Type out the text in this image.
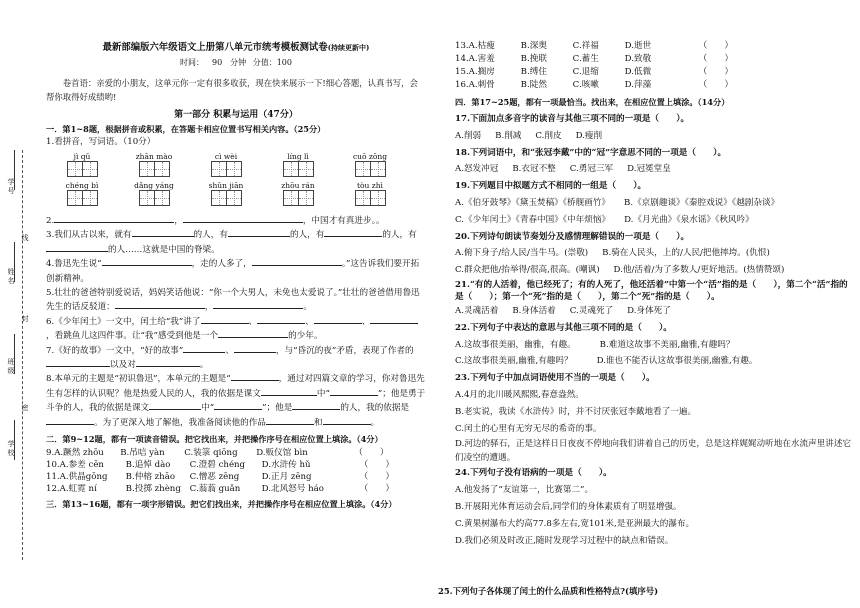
学号
线
姓名
封
班级
密
学校
最新部编版六年级语文上册第八单元市统考模板测试卷(持续更新中)
时间： 90 分钟 分值：100
卷首语：亲爱的小朋友，这单元你一定有很多收获，现在快来展示一下!细心答题，认真书写，会帮你取得好成绩哟!
第一部分 积累与运用（47分）
一．第1~8题，根据拼音或积累，在答题卡相应位置书写相关内容。（25分）
1.看拼音，写词语。（10分）
jì qǔ	zhān mào	cì wèi	líng lì	cuō zōng
chéng bì	dǎng yáng	shǔn jiān	zhōu rán	tòu zhì
2.	，	，中国才有真进步。。
3.我们从古以来，就有	的人，有	的人，有	的人，有的人……这就是中国的脊梁。
4.鲁迅先生说“	，走的人多了，	。”这告诉我们要开拓创新精神。
5.壮壮的爸爸特别爱说话，妈妈笑话他说：“你一个大男人，未免也太爱说了。”壮壮的爸爸借用鲁迅先生的话反驳道：	，	。
6.《少年闰土》一文中，闰土给“我”讲了	、	、	、，看跳鱼儿这四件事。让“我”感受到他是一个	的少年。
7.《好的故事》一文中，“好的故事”	、	，与“昏沉的夜”矛盾，表现了作者的以及对	。
8.本单元的主题是“初识鲁迅”，本单元的主题是“	，通过对四篇文章的学习，你对鲁迅先生有怎样的认识呢？他是热爱人民的人，我的依据是课文	中“	”；他是勇于斗争的人，我的依据是课文	中“	”；他是	的人，我的依据是。为了更深入地了解他，我准备阅读他的作品	和	。
二．第9~12题，都有一项读音错误。把它找出来，并把操作序号在相应位置上填涂。（4分）
9.A.蹶然 zhōu B.吊唁 yàn C.装箓 qiōng D.贩仪馆 bìn	（　　）
10.A.参差 cēn	B.追悼 dào C.澄碧 chéng D.水浒传 hǔ	（　　）
11.A.供晶gōng B.仲榕 zhāo C.憎恶 zēng	D.正月 zēng	（　　）
12.A.虹霓 ní	B.投掷 zhèng C.蓊蓊 guǎn D.北风怒号 háo	（　　）
三．第13~16题，都有一项字形错误。把它们找出来，并把操作序号在相应位置上填涂。（4分）
13.A.枯瘦	B.深奥	C.祥福	D.逝世	（　　）
14.A.害羞	B.挽联	C.蓄生	D.致敬	（　　）
15.A.搁房	B.缚住	C.退缩	D.低微	（　　）
16.A.刺骨	B.陡然	C.咳嗽	D.萍藻	（　　）
四．第17~25题，都有一项最恰当。找出来，在相应位置上填涂。（14分）
17.下面加点多音字的读音与其他三项不同的一项是（　　）。
A.削弱 B.削减 C.削皮 D.瘦削
18.下列词语中，和“张冠李戴”中的“冠”字意思不同的一项是（　　）。
A.怒发冲冠 B.衣冠不整 C.勇冠三军 D.冠冕堂皇
19.下列题目中拟题方式不相同的一组是（　　）。
A.《伯牙鼓琴》《黛玉焚稿》《桥舰画竹》 B.《京剧趣谈》《秦腔戏说》《越剧杂谈》
C.《少年闰土》《青春中国》《中年烦恼》 D.《月光曲》《泉水谣》《秋风吟》
20.下列诗句朗读节奏划分及感情理解错误的一项是（　　）。
A.俯下身子/给人民/当牛马。(崇敬) B.骑在人民头，上的/人民/把他摔垮。(仇恨)
C.群众把他/抬举得/很高,很高。(嘲讽) D.他/活着/为了多数人/更好地活。(热情赞颂)
21.“有的人活着，他已经死了；有的人死了，他还活着”中第一个“活”指的是（　　），第二个“活”指的是（　　）；第一个“死”指的是（　　），第二个“死”指的是（　　）。
A.灵魂活着 B.身体活着 C.灵魂死了 D.身体死了
22.下列句子中表达的意思与其他三项不同的是（　　）。
A.这故事很美丽，幽雅，有趣。	B.难道这故事不美丽,幽雅,有趣吗？
C.这故事很美丽,幽雅,有趣吗？	D.谁也不能否认这故事很美丽,幽雅,有趣。
23.下列句子中加点词语使用不当的一项是（　　）。
A.4月的北川暖风熙熙,春意盎然。
B.老实说，我读《水浒传》时，并不讨厌张冠李戴地看了一遍。
C.闰土的心里有无穷无尽的希奇的事。
D.河边的驿石，正是这样日日夜夜不停地向我们讲着自己的历史，总是这样娓娓动听地在水流声里讲述它们凌空的遭遇。
24.下列句子没有语病的一项是（　　）。
A.他发扬了“友谊第一，比赛第二”。
B.开展阳光体育运动会后,同学们的身体素质有了明显增强。
C.黄果树瀑布大约高77.8多左右,宽101米,是亚洲最大的瀑布。
D.我们必须及时改正,随时发现学习过程中的缺点和错误。
25.下列句子各体现了闰土的什么品质和性格特点?(填序号)
